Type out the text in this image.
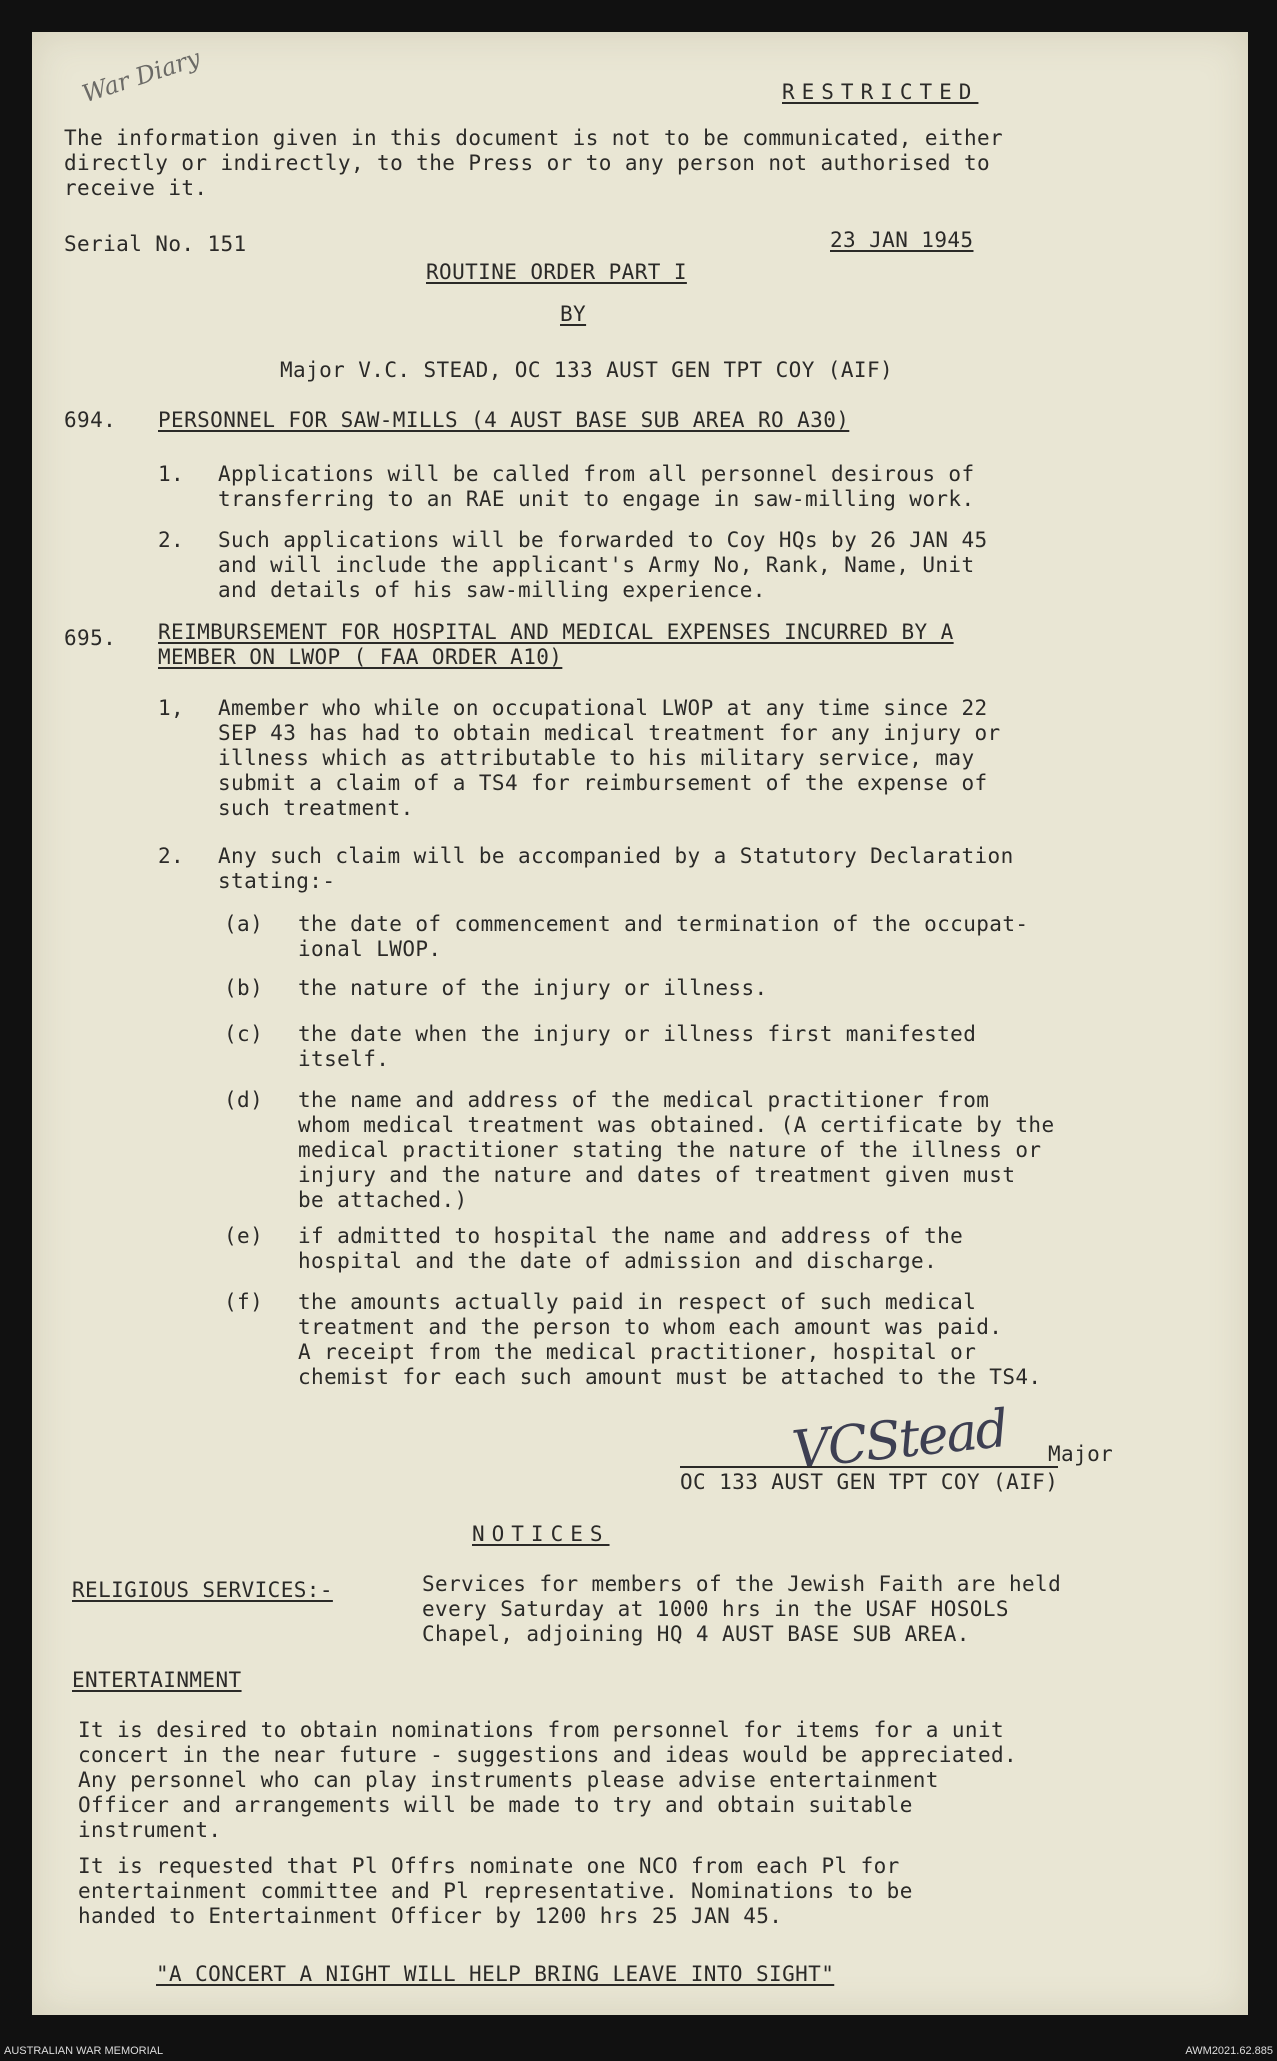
War Diary	RESTRICTED
The information given in this document is not to be communicated, either
directly or indirectly, to the Press or to any person not authorised to
receive it.
Serial No. 151	23 JAN 1945
ROUTINE ORDER PART I
BY
Major V.C. STEAD, OC 133 AUST GEN TPT COY (AIF)
694. PERSONNEL FOR SAW-MILLS (4 AUST BASE SUB AREA RO A30)
1. Applications will be called from all personnel desirous of
transferring to an RAE unit to engage in saw-milling work.
2. Such applications will be forwarded to Coy HQs by 26 JAN 45
and will include the applicant's Army No, Rank, Name, Unit
and details of his saw-milling experience.
695. REIMBURSEMENT FOR HOSPITAL AND MEDICAL EXPENSES INCURRED BY A
MEMBER ON LWOP ( FAA ORDER A10)
1, Amember who while on occupational LWOP at any time since 22
SEP 43 has had to obtain medical treatment for any injury or
illness which as attributable to his military service, may
submit a claim of a TS4 for reimbursement of the expense of
such treatment.
2. Any such claim will be accompanied by a Statutory Declaration
stating:-
(a) the date of commencement and termination of the occupat-
ional LWOP.
(b) the nature of the injury or illness.
(c) the date when the injury or illness first manifested
itself.
(d) the name and address of the medical practitioner from
whom medical treatment was obtained. (A certificate by the
medical practitioner stating the nature of the illness or
injury and the nature and dates of treatment given must
be attached.)
(e) if admitted to hospital the name and address of the
hospital and the date of admission and discharge.
(f) the amounts actually paid in respect of such medical
treatment and the person to whom each amount was paid.
A receipt from the medical practitioner, hospital or
chemist for each such amount must be attached to the TS4.
VCStead Major
OC 133 AUST GEN TPT COY (AIF)
NOTICES
RELIGIOUS SERVICES:-	Services for members of the Jewish Faith are held
every Saturday at 1000 hrs in the USAF HOSOLS
Chapel, adjoining HQ 4 AUST BASE SUB AREA.
ENTERTAINMENT
It is desired to obtain nominations from personnel for items for a unit
concert in the near future - suggestions and ideas would be appreciated.
Any personnel who can play instruments please advise entertainment
Officer and arrangements will be made to try and obtain suitable
instrument.
It is requested that Pl Offrs nominate one NCO from each Pl for
entertainment committee and Pl representative. Nominations to be
handed to Entertainment Officer by 1200 hrs 25 JAN 45.
"A CONCERT A NIGHT WILL HELP BRING LEAVE INTO SIGHT"
AUSTRALIAN WAR MEMORIAL	AWM2021.62.885
